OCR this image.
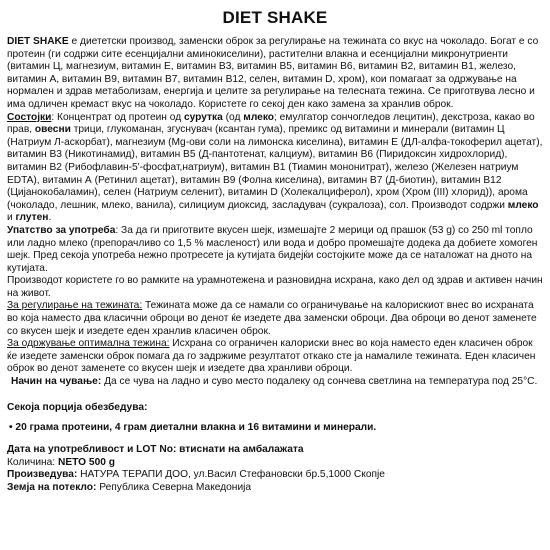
DIET SHAKE

DIET SHAKE е диететски производ, заменски оброк за регулирање на тежината со вкус на чоколадо. Богат е со протеин (ги содржи сите есенцијални аминокиселини), растителни влакна и есенцијални микронутриенти (витамин Ц, магнезиум, витамин Е, витамин В3, витамин В5, витамин В6, витамин В2, витамин В1, железо, витамин А, витамин В9, витамин В7, витамин В12, селен, витамин D, хром), кои помагаат за одржување на нормален и здрав метаболизам, енергија и целите за регулирање на телесната тежина. Се приготвува лесно и има одличен кремаст вкус на чоколадо. Користете го секој ден како замена за хранлив оброк.

Состојки: Концентрат од протеин од сурутка (од млеко; емулгатор сончогледов лецитин), декстроза, какао во прав, овесни трици, глукоманан, згуснувач (ксантан гума), премикс од витамини и минерали (витамин Ц (Натриум Л-аскорбат), магнезиум (Mg-ови соли на лимонска киселина), витамин Е (ДЛ-алфа-токоферил ацетат), витамин В3 (Никотинамид), витамин В5 (Д-пантотенат, калциум), витамин В6 (Пиридоксин хидрохлорид), витамин В2 (Рибофлавин-5'-фосфат,натриум), витамин В1 (Тиамин мононитрат), железо (Железен натриум EDTA), витамин А (Ретинил ацетат), витамин В9 (Фолна киселина), витамин В7 (Д-биотин), витамин В12 (Цијанокобаламин), селен (Натриум селенит), витамин D (Холекалциферол), хром (Хром (III) хлорид)), арома (чоколадо, лешник, млеко, ванила), силициум диоксид, засладувач (сукралоза), сол. Производот содржи млеко и глутен.

Упатство за употреба: За да ги приготвите вкусен шејк, измешајте 2 мерици од прашок (53 g) со 250 ml топло или ладно млеко (препорачливо со 1,5 % масленост) или вода и добро промешајте додека да добиете хомоген шејк. Пред секоја употреба нежно протресете ја кутијата бидејќи состојките може да се наталожат на дното на кутијата.

Производот користете го во рамките на урамнотежена и разновидна исхрана, како дел од здрав и активен начин на живот.

За регулирање на тежината: Тежината може да се намали со ограничување на калорискиот внес во исхраната во која наместо два класични оброци во денот ќе изедете два заменски оброци. Два оброци во денот заменете со вкусен шејк и изедете еден хранлив класичен оброк.

За одржување оптимална тежина: Исхрана со ограничен калориски внес во која наместо еден класичен оброк ќе изедете заменски оброк помага да го задржиме резултатот откако сте ја намалиле тежината. Еден класичен оброк во денот заменете со вкусен шејк и изедете два хранливи оброци.

Начин на чување: Да се чува на ладно и суво место подалеку од сончева светлина на температура под 25°C.

Секоја порција обезбедува:

• 20 грама протеини, 4 грам диетални влакна и 16 витамини и минерали.

Дата на употребливост и LOT No: втиснати на амбалажата

Количина: NETO 500 g

Произведува: НАТУРА ТЕРАПИ ДОО, ул.Васил Стефановски бр.5,1000 Скопје

Земја на потекло: Република Северна Македонија
